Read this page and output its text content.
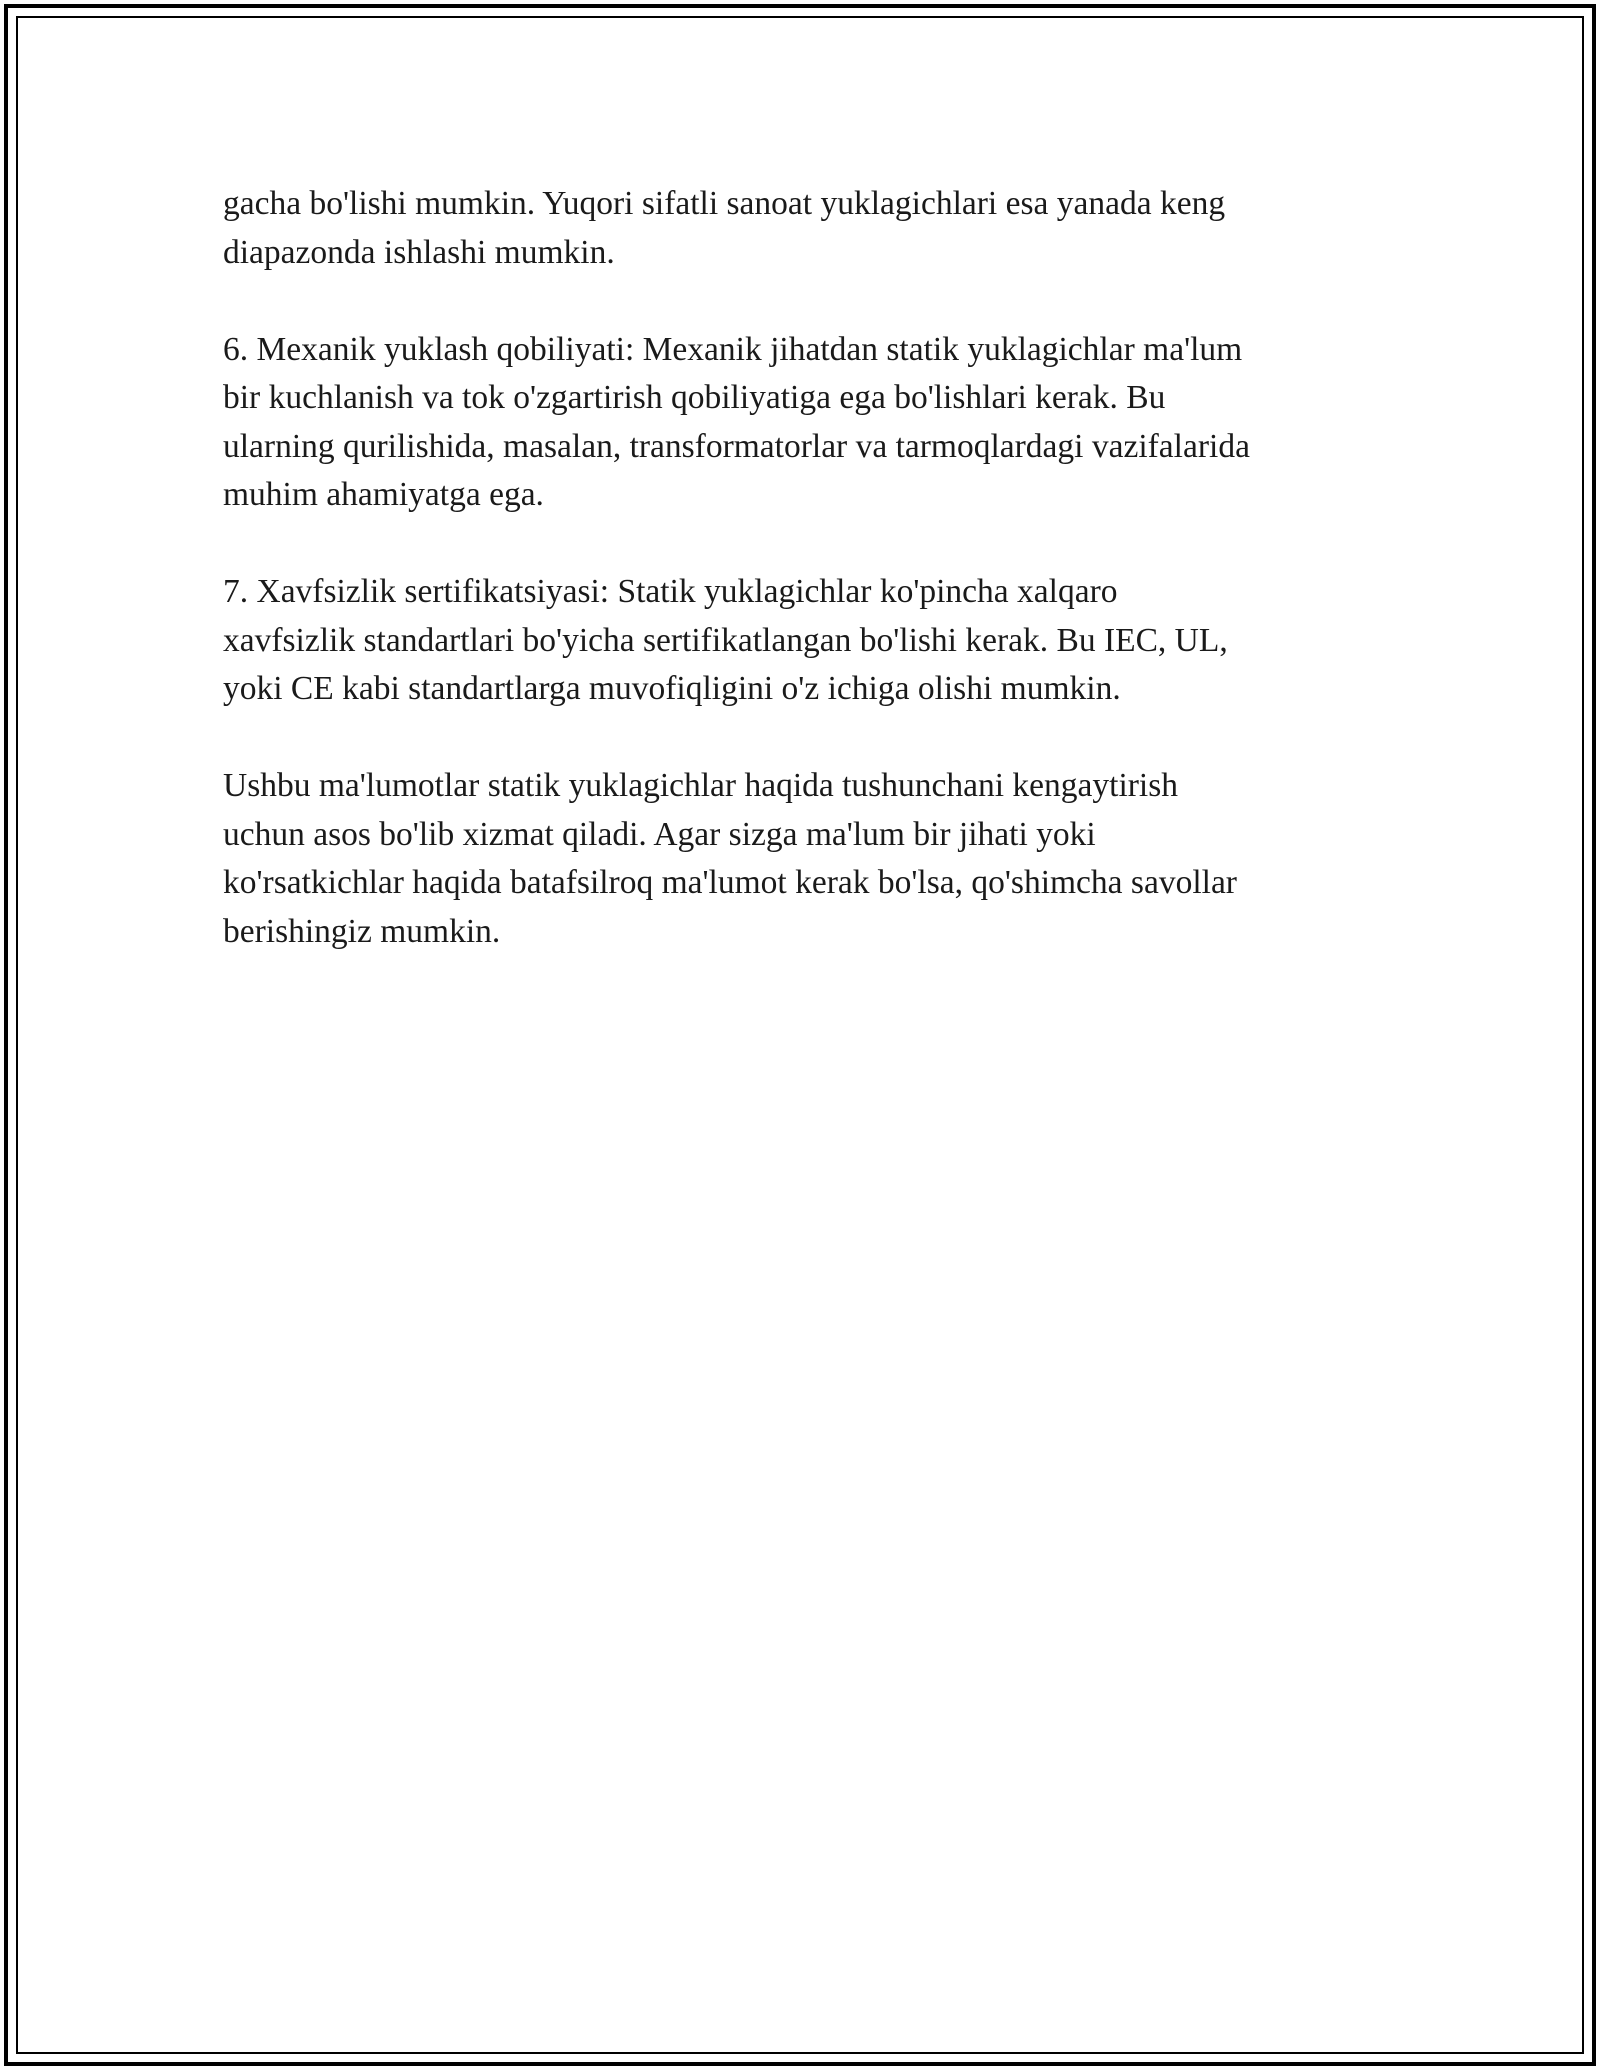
gacha bo'lishi mumkin. Yuqori sifatli sanoat yuklagichlari esa yanada keng
diapazonda ishlashi mumkin.

6. Mexanik yuklash qobiliyati: Mexanik jihatdan statik yuklagichlar ma'lum
bir kuchlanish va tok o'zgartirish qobiliyatiga ega bo'lishlari kerak. Bu
ularning qurilishida, masalan, transformatorlar va tarmoqlardagi vazifalarida
muhim ahamiyatga ega.

7. Xavfsizlik sertifikatsiyasi: Statik yuklagichlar ko'pincha xalqaro
xavfsizlik standartlari bo'yicha sertifikatlangan bo'lishi kerak. Bu IEC, UL,
yoki CE kabi standartlarga muvofiqligini o'z ichiga olishi mumkin.

Ushbu ma'lumotlar statik yuklagichlar haqida tushunchani kengaytirish
uchun asos bo'lib xizmat qiladi. Agar sizga ma'lum bir jihati yoki
ko'rsatkichlar haqida batafsilroq ma'lumot kerak bo'lsa, qo'shimcha savollar
berishingiz mumkin.
